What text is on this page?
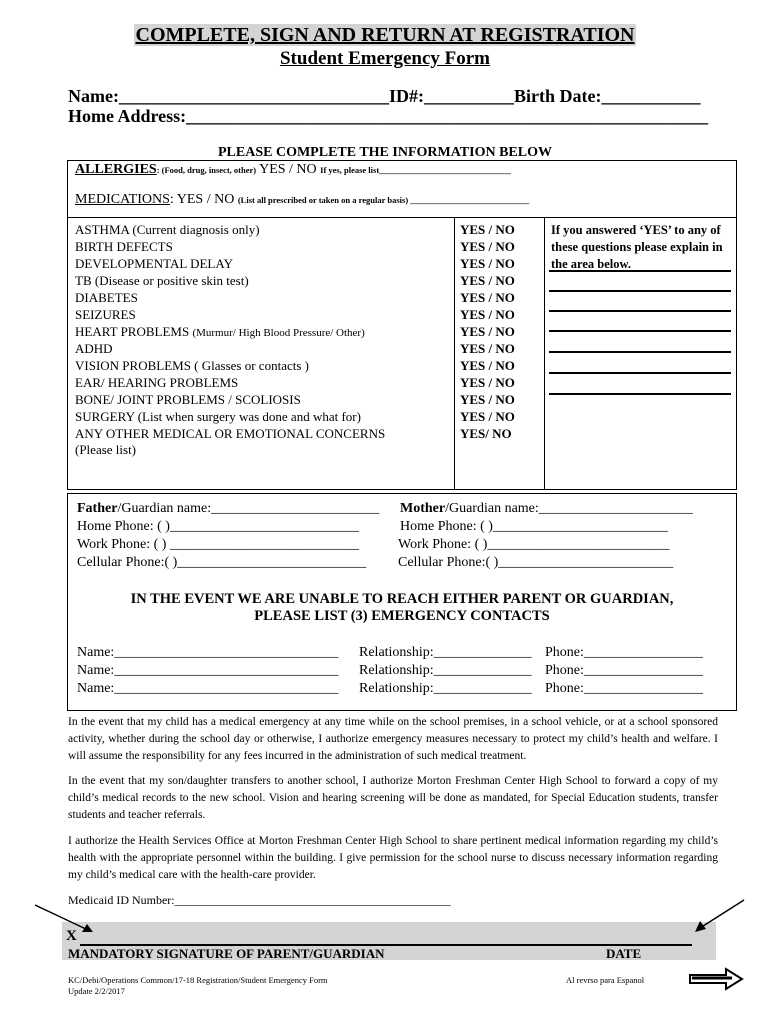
COMPLETE, SIGN AND RETURN AT REGISTRATION
Student Emergency Form
Name:______________________________ID#:__________Birth Date:___________
Home Address:__________________________________________________________
PLEASE COMPLETE THE INFORMATION BELOW
ALLERGIES: (Food, drug, insect, other) YES / NO If yes, please list_______________________________
MEDICATIONS: YES / NO (List all prescribed or taken on a regular basis) ____________________________
ASTHMA (Current diagnosis only)
BIRTH DEFECTS
DEVELOPMENTAL DELAY
TB (Disease or positive skin test)
DIABETES
SEIZURES
HEART PROBLEMS (Murmur/ High Blood Pressure/ Other)
ADHD
VISION PROBLEMS ( Glasses or contacts )
EAR/ HEARING PROBLEMS
BONE/ JOINT PROBLEMS / SCOLIOSIS
SURGERY (List when surgery was done and what for)
ANY OTHER MEDICAL OR EMOTIONAL CONCERNS
(Please list)
YES / NO
YES / NO
YES / NO
YES / NO
YES / NO
YES / NO
YES / NO
YES / NO
YES / NO
YES / NO
YES / NO
YES / NO
YES/ NO
If you answered ‘YES’ to any of these questions please explain in the area below.
Father/Guardian name:________________________ Mother/Guardian name:______________________
Home Phone: ( )___________________________
Work Phone: ( ) ___________________________
Cellular Phone:( )___________________________
Home Phone: ( )_________________________
Work Phone: ( )__________________________
Cellular Phone:( )_________________________
IN THE EVENT WE ARE UNABLE TO REACH EITHER PARENT OR GUARDIAN,
PLEASE LIST (3) EMERGENCY CONTACTS
Name:________________________________ Relationship:______________ Phone:_________________
Name:________________________________ Relationship:______________ Phone:_________________
Name:________________________________ Relationship:______________ Phone:_________________
In the event that my child has a medical emergency at any time while on the school premises, in a school vehicle, or at a school sponsored activity, whether during the school day or otherwise, I authorize emergency measures necessary to protect my child’s health and welfare. I will assume the responsibility for any fees incurred in the administration of such medical treatment.
In the event that my son/daughter transfers to another school, I authorize Morton Freshman Center High School to forward a copy of my child’s medical records to the new school. Vision and hearing screening will be done as mandated, for Special Education students, transfer students and teacher referrals.
I authorize the Health Services Office at Morton Freshman Center High School to share pertinent medical information regarding my child’s health with the appropriate personnel within the building. I give permission for the school nurse to discuss necessary information regarding my child’s medical care with the health-care provider.
Medicaid ID Number:______________________________________________
X
MANDATORY SIGNATURE OF PARENT/GUARDIAN	DATE
KC/Debi/Operations Common/17-18 Registration/Student Emergency Form
Update 2/2/2017
Al revrso para Espanol
